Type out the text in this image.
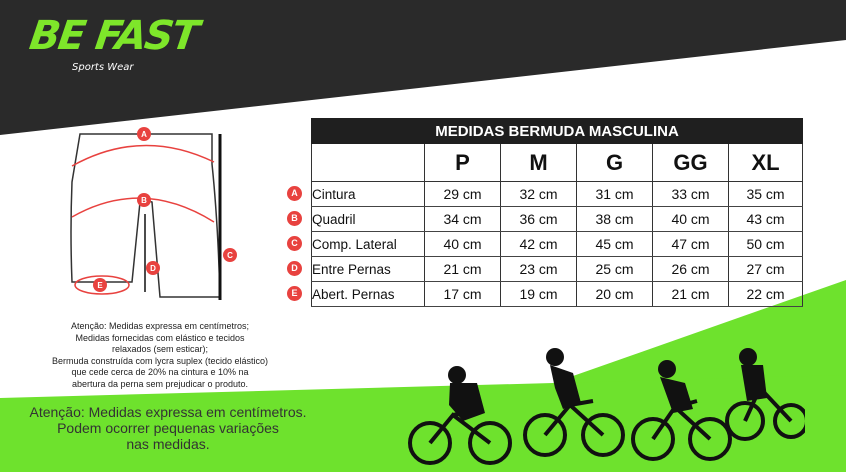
BE FAST
Sports Wear
A
B
C
D
E
MEDIDAS BERMUDA MASCULINA					
	P	M	G	GG	XL
Cintura	29 cm	32 cm	31 cm	33 cm	35 cm
Quadril	34 cm	36 cm	38 cm	40 cm	43 cm
Comp. Lateral	40 cm	42 cm	45 cm	47 cm	50 cm
Entre Pernas	21 cm	23 cm	25 cm	26 cm	27 cm
Abert. Pernas	17 cm	19 cm	20 cm	21 cm	22 cm
A
B
C
D
E
Atenção: Medidas expressa em centímetros;
Medidas fornecidas com elástico e tecidos
relaxados (sem esticar);
Bermuda construída com lycra suplex (tecido elástico)
que cede cerca de 20% na cintura e 10% na
abertura da perna sem prejudicar o produto.
Atenção: Medidas expressa em centímetros.
Podem ocorrer pequenas variações
nas medidas.
